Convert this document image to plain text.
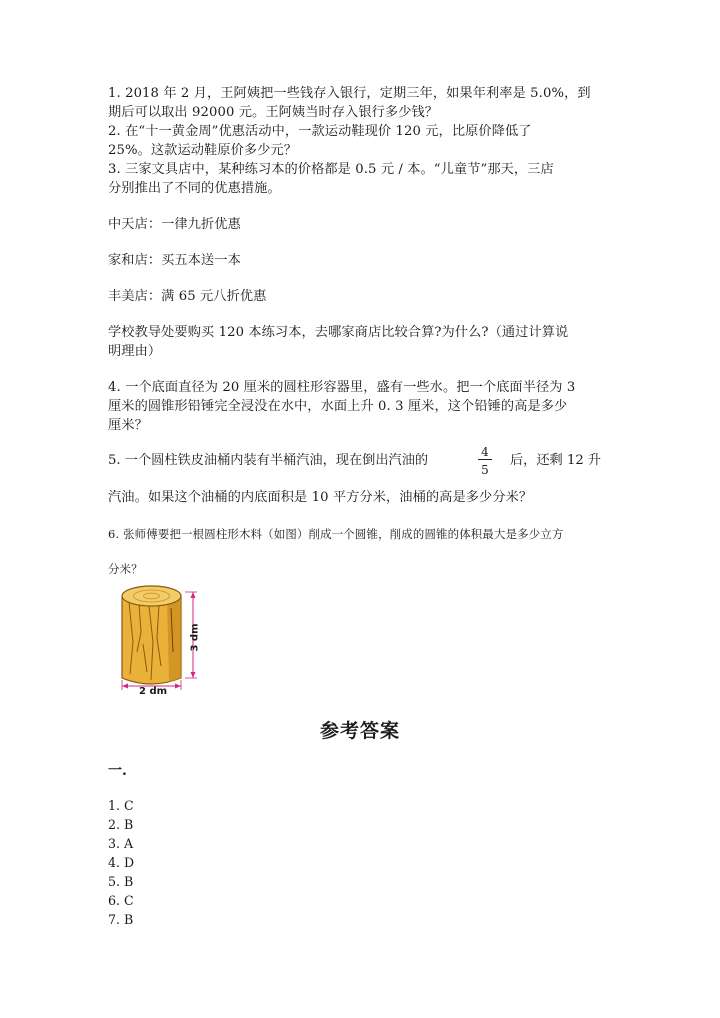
1. 2018 年 2 月，王阿姨把一些钱存入银行，定期三年，如果年利率是 5.0%，到

期后可以取出 92000 元。王阿姨当时存入银行多少钱？

2. 在“十一黄金周”优惠活动中，一款运动鞋现价 120 元，比原价降低了

25%。这款运动鞋原价多少元？

3. 三家文具店中，某种练习本的价格都是 0.5 元 / 本。“儿童节”那天，三店

分别推出了不同的优惠措施。

中天店：一律九折优惠

家和店：买五本送一本

丰美店：满 65 元八折优惠

学校教导处要购买 120 本练习本，去哪家商店比较合算?为什么?（通过计算说

明理由）

4. 一个底面直径为 20 厘米的圆柱形容器里，盛有一些水。把一个底面半径为 3

厘米的圆锥形铅锤完全浸没在水中，水面上升 0. 3 厘米，这个铅锤的高是多少

厘米？

5. 一个圆柱铁皮油桶内装有半桶汽油，现在倒出汽油的	$\frac{4}{5}$ 后，还剩 12 升

汽油。如果这个油桶的内底面积是 10 平方分米，油桶的高是多少分米？

6. 张师傅要把一根圆柱形木料（如图）削成一个圆锥，削成的圆锥的体积最大是多少立方

分米？

3 dm
2 dm
参考答案
一.
1. C
2. B
3. A
4. D
5. B
6. C
7. B
